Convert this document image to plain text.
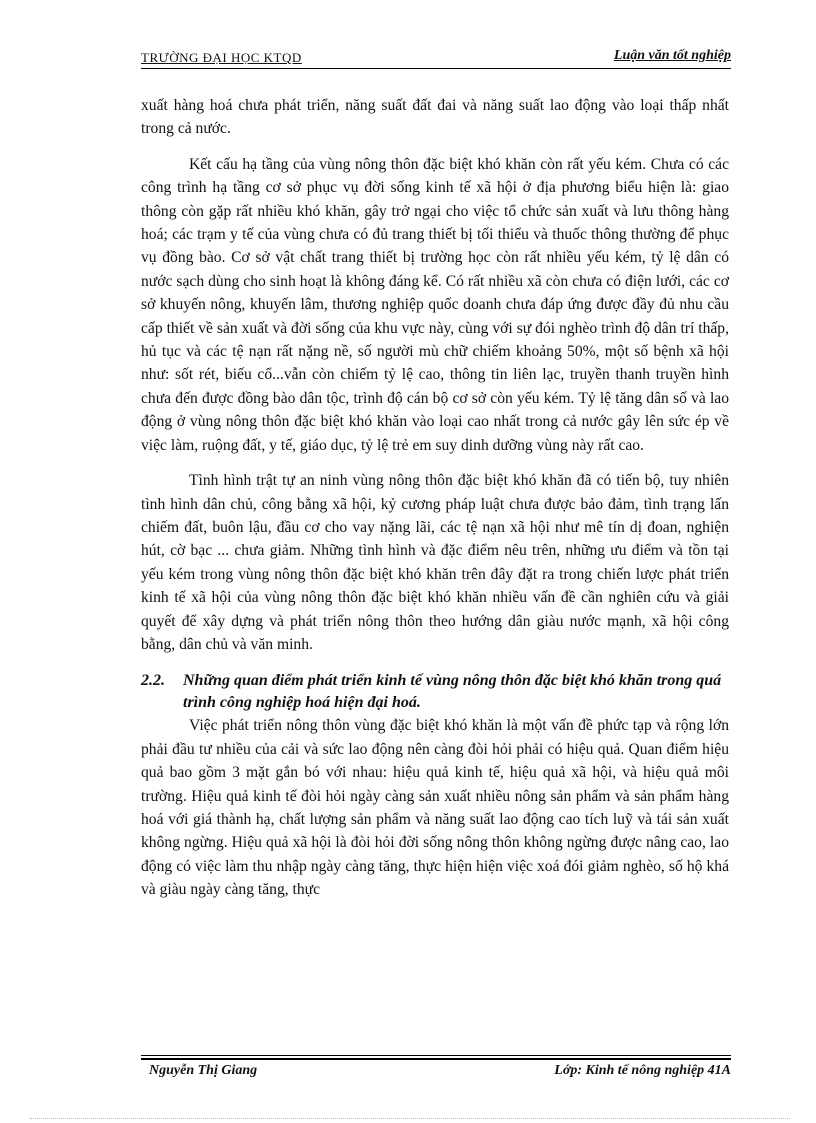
TRƯỜNG ĐẠI HỌC KTQD	Luận văn tốt nghiệp

xuất hàng hoá chưa phát triển, năng suất đất đai và năng suất lao động vào loại thấp nhất trong cả nước.

Kết cấu hạ tầng của vùng nông thôn đặc biệt khó khăn còn rất yếu kém. Chưa có các công trình hạ tầng cơ sở phục vụ đời sống kinh tế xã hội ở địa phương biểu hiện là: giao thông còn gặp rất nhiều khó khăn, gây trở ngại cho việc tổ chức sản xuất và lưu thông hàng hoá; các trạm y tế của vùng chưa có đủ trang thiết bị tối thiểu và thuốc thông thường để phục vụ đồng bào. Cơ sở vật chất trang thiết bị trường học còn rất nhiều yếu kém, tỷ lệ dân có nước sạch dùng cho sinh hoạt là không đáng kể. Có rất nhiều xã còn chưa có điện lưới, các cơ sở khuyến nông, khuyến lâm, thương nghiệp quốc doanh chưa đáp ứng được đầy đủ nhu cầu cấp thiết về sản xuất và đời sống của khu vực này, cùng với sự đói nghèo trình độ dân trí thấp, hủ tục và các tệ nạn rất nặng nề, số người mù chữ chiếm khoảng 50%, một số bệnh xã hội như: sốt rét, biếu cổ...vẫn còn chiếm tỷ lệ cao, thông tin liên lạc, truyền thanh truyền hình chưa đến được đồng bào dân tộc, trình độ cán bộ cơ sở còn yếu kém. Tỷ lệ tăng dân số và lao động ở vùng nông thôn đặc biệt khó khăn vào loại cao nhất trong cả nước gây lên sức ép về việc làm, ruộng đất, y tế, giáo dục, tỷ lệ trẻ em suy dinh dưỡng vùng này rất cao.

Tình hình trật tự an ninh vùng nông thôn đặc biệt khó khăn đã có tiến bộ, tuy nhiên tình hình dân chủ, công bằng xã hội, kỷ cương pháp luật chưa được bảo đảm, tình trạng lấn chiếm đất, buôn lậu, đầu cơ cho vay nặng lãi, các tệ nạn xã hội như mê tín dị đoan, nghiện hút, cờ bạc ... chưa giảm. Những tình hình và đặc điểm nêu trên, những ưu điểm và tồn tại yếu kém trong vùng nông thôn đặc biệt khó khăn trên đây đặt ra trong chiến lược phát triển kinh tế xã hội của vùng nông thôn đặc biệt khó khăn nhiều vấn đề cần nghiên cứu và giải quyết để xây dựng và phát triển nông thôn theo hướng dân giàu nước mạnh, xã hội công bằng, dân chủ và văn minh.

2.2.	Những quan điểm phát triển kinh tế vùng nông thôn đặc biệt khó khăn trong quá trình công nghiệp hoá hiện đại hoá.

Việc phát triển nông thôn vùng đặc biệt khó khăn là một vấn đề phức tạp và rộng lớn phải đầu tư nhiều của cải và sức lao động nên càng đòi hỏi phải có hiệu quả. Quan điểm hiệu quả bao gồm 3 mặt gắn bó với nhau: hiệu quả kinh tế, hiệu quả xã hội, và hiệu quả môi trường. Hiệu quả kinh tế đòi hỏi ngày càng sản xuất nhiều nông sản phẩm và sản phẩm hàng hoá với giá thành hạ, chất lượng sản phẩm và năng suất lao động cao tích luỹ và tái sản xuất không ngừng. Hiệu quả xã hội là đòi hỏi đời sống nông thôn không ngừng được nâng cao, lao động có việc làm thu nhập ngày càng tăng, thực hiện hiện việc xoá đói giảm nghèo, số hộ khá và giàu ngày càng tăng, thực

Nguyễn Thị Giang	Lớp: Kinh tế nông nghiệp 41A
